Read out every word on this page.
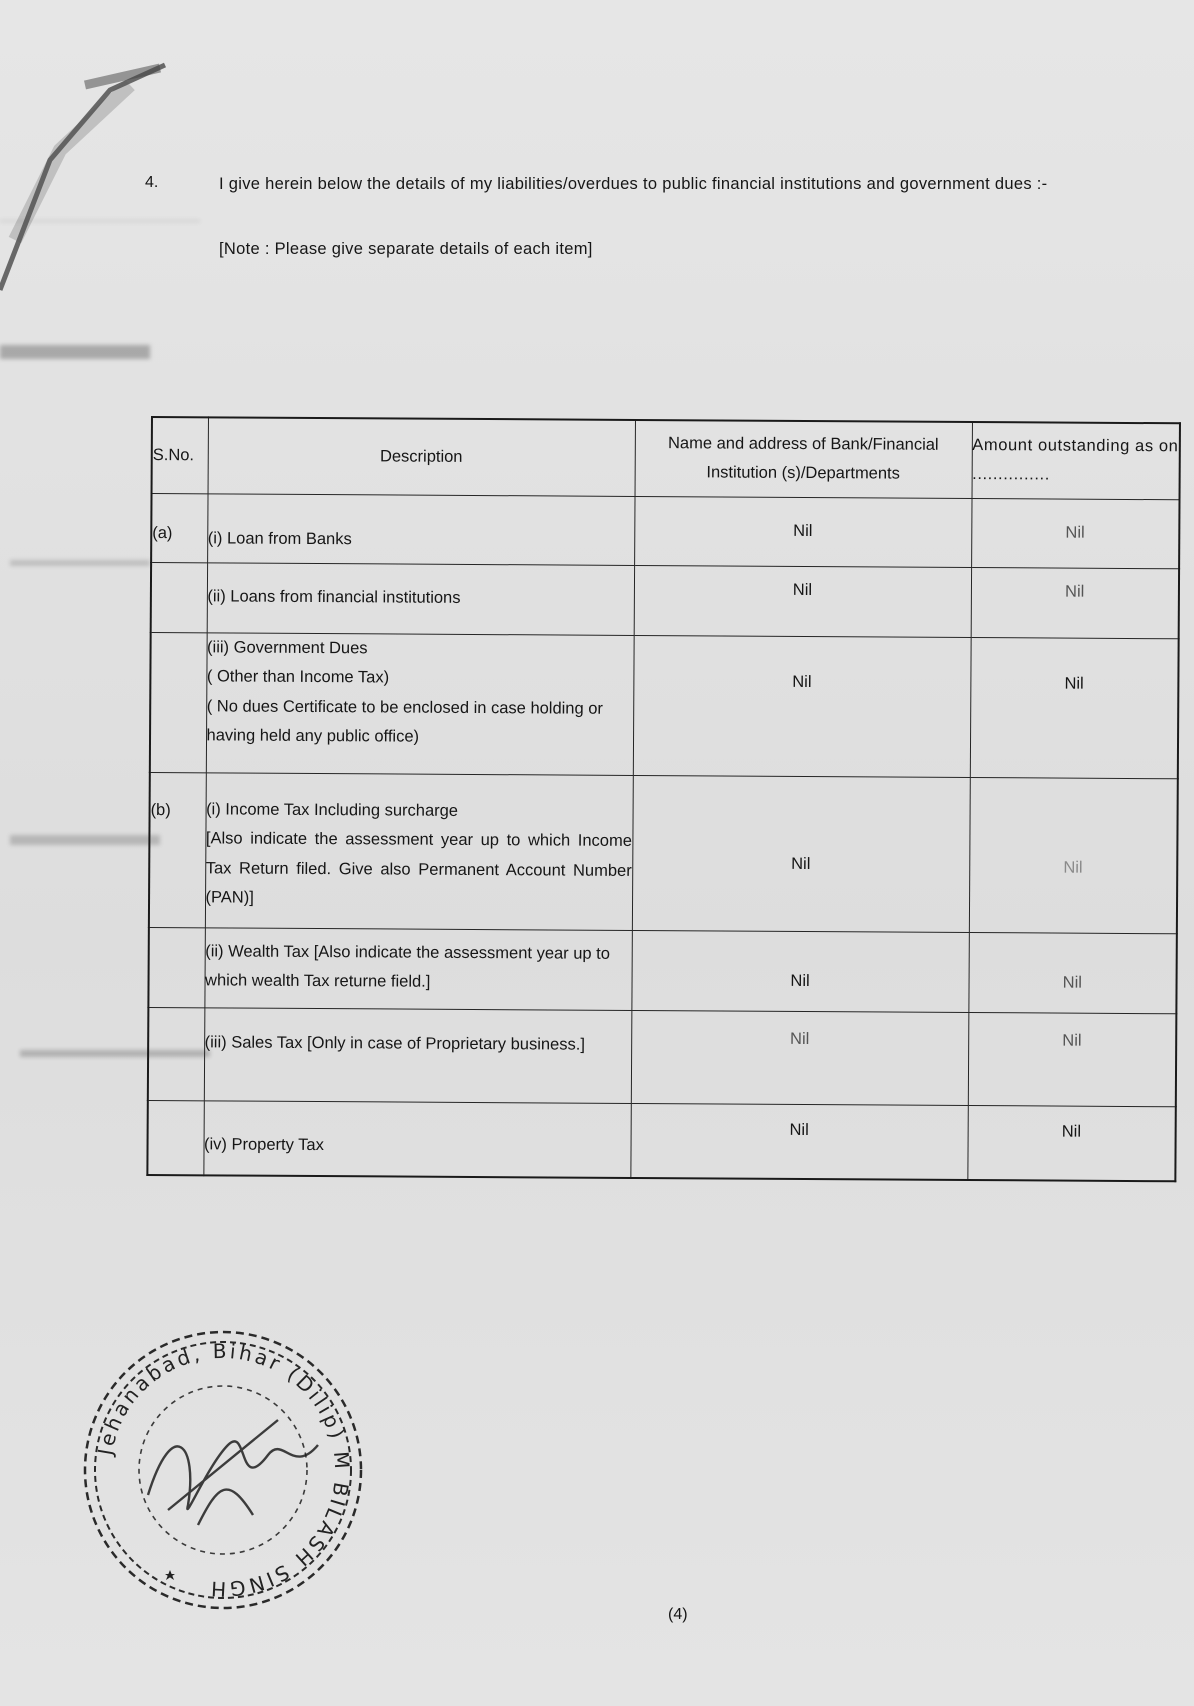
4.	I give herein below the details of my liabilities/overdues to public financial institutions and government dues :-
[Note : Please give separate details of each item]
S.No.	Description	Name and address of Bank/Financial Institution (s)/Departments	Amount outstanding as on ...............
(a)	(i) Loan from Banks	Nil	Nil
	(ii) Loans from financial institutions	Nil	Nil

	(iii) Government Dues
( Other than Income Tax)
( No dues Certificate to be enclosed in case holding or having held any public office)	Nil	Nil
(b)	(i) Income Tax Including surcharge
[Also indicate the assessment year up to which Income Tax Return filed. Give also Permanent Account Number (PAN)]	Nil	Nil
	(ii) Wealth Tax [Also indicate the assessment year up to which wealth Tax returne field.]	Nil	Nil
	(iii) Sales Tax [Only in case of Proprietary business.]	Nil	Nil
	(iv) Property Tax	Nil	Nil
Jehanabad, Bihar (Dilip) M BILASH SINGH
(4)
